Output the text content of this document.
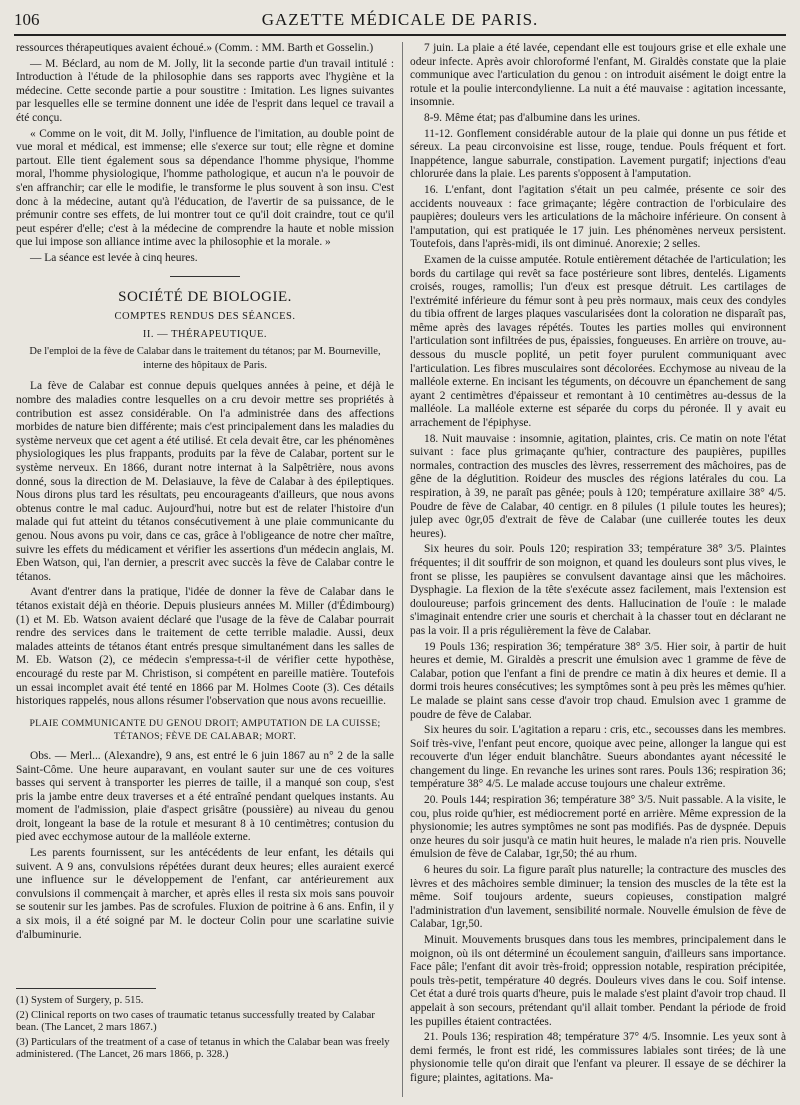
106	GAZETTE MÉDICALE DE PARIS.

ressources thérapeutiques avaient échoué.» (Comm. : MM. Barth et Gosselin.)

— M. Béclard, au nom de M. Jolly, lit la seconde partie d'un travail intitulé : Introduction à l'étude de la philosophie dans ses rapports avec l'hygiène et la médecine. Cette seconde partie a pour soustitre : Imitation. Les lignes suivantes par lesquelles elle se termine donnent une idée de l'esprit dans lequel ce travail a été conçu.

« Comme on le voit, dit M. Jolly, l'influence de l'imitation, au double point de vue moral et médical, est immense; elle s'exerce sur tout; elle règne et domine partout. Elle tient également sous sa dépendance l'homme physique, l'homme moral, l'homme physiologique, l'homme pathologique, et aucun n'a le pouvoir de s'en affranchir; car elle le modifie, le transforme le plus souvent à son insu. C'est donc à la médecine, autant qu'à l'éducation, de l'avertir de sa puissance, de le prémunir contre ses effets, de lui montrer tout ce qu'il doit craindre, tout ce qu'il peut espérer d'elle; c'est à la médecine de comprendre la haute et noble mission que lui impose son alliance intime avec la philosophie et la morale. »

— La séance est levée à cinq heures.

SOCIÉTÉ DE BIOLOGIE.
COMPTES RENDUS DES SÉANCES.
II. — THÉRAPEUTIQUE.
De l'emploi de la fève de Calabar dans le traitement du tétanos; par M. Bourneville, interne des hôpitaux de Paris.

La fève de Calabar est connue depuis quelques années à peine, et déjà le nombre des maladies contre lesquelles on a cru devoir mettre ses propriétés à contribution est assez considérable. On l'a administrée dans des affections morbides de nature bien différente; mais c'est principalement dans les maladies du système nerveux que cet agent a été utilisé. Et cela devait être, car les phénomènes physiologiques les plus frappants, produits par la fève de Calabar, portent sur le système nerveux. En 1866, durant notre internat à la Salpêtrière, nous avons donné, sous la direction de M. Delasiauve, la fève de Calabar à des épileptiques. Nous dirons plus tard les résultats, peu encourageants d'ailleurs, que nous avons obtenus contre le mal caduc. Aujourd'hui, notre but est de relater l'histoire d'un malade qui fut atteint du tétanos consécutivement à une plaie communicante du genou. Nous avons pu voir, dans ce cas, grâce à l'obligeance de notre cher maître, suivre les effets du médicament et vérifier les assertions d'un médecin anglais, M. Eben Watson, qui, l'an dernier, a prescrit avec succès la fève de Calabar contre le tétanos.

Avant d'entrer dans la pratique, l'idée de donner la fève de Calabar dans le tétanos existait déjà en théorie. Depuis plusieurs années M. Miller (d'Édimbourg) (1) et M. Eb. Watson avaient déclaré que l'usage de la fève de Calabar pourrait rendre des services dans le traitement de cette terrible maladie. Aussi, deux malades atteints de tétanos étant entrés presque simultanément dans les salles de M. Eb. Watson (2), ce médecin s'empressa-t-il de vérifier cette hypothèse, encouragé du reste par M. Christison, si compétent en pareille matière. Toutefois un essai incomplet avait été tenté en 1866 par M. Holmes Coote (3). Ces détails historiques rappelés, nous allons résumer l'observation que nous avons recueillie.

PLAIE COMMUNICANTE DU GENOU DROIT; AMPUTATION DE LA CUISSE; TÉTANOS; FÈVE DE CALABAR; MORT.

Obs. — Merl... (Alexandre), 9 ans, est entré le 6 juin 1867 au n° 2 de la salle Saint-Côme. Une heure auparavant, en voulant sauter sur une de ces voitures basses qui servent à transporter les pierres de taille, il a manqué son coup, s'est pris la jambe entre deux traverses et a été entraîné pendant quelques instants. Au moment de l'admission, plaie d'aspect grisâtre (poussière) au niveau du genou droit, longeant la base de la rotule et mesurant 8 à 10 centimètres; contusion du pied avec ecchymose autour de la malléole externe.

Les parents fournissent, sur les antécédents de leur enfant, les détails qui suivent. A 9 ans, convulsions répétées durant deux heures; elles auraient exercé une influence sur le développement de l'enfant, car antérieurement aux convulsions il commençait à marcher, et après elles il resta six mois sans pouvoir se soutenir sur les jambes. Pas de scrofules. Fluxion de poitrine à 6 ans. Enfin, il y a six mois, il a été soigné par M. le docteur Colin pour une scarlatine suivie d'albuminurie.

(1) System of Surgery, p. 515.

(2) Clinical reports on two cases of traumatic tetanus successfully treated by Calabar bean. (The Lancet, 2 mars 1867.)

(3) Particulars of the treatment of a case of tetanus in which the Calabar bean was freely administered. (The Lancet, 26 mars 1866, p. 328.)

7 juin. La plaie a été lavée, cependant elle est toujours grise et elle exhale une odeur infecte. Après avoir chloroformé l'enfant, M. Giraldès constate que la plaie communique avec l'articulation du genou : on introduit aisément le doigt entre la rotule et la poulie intercondylienne. La nuit a été mauvaise : agitation incessante, insomnie.

8-9. Même état; pas d'albumine dans les urines.

11-12. Gonflement considérable autour de la plaie qui donne un pus fétide et séreux. La peau circonvoisine est lisse, rouge, tendue. Pouls fréquent et fort. Inappétence, langue saburrale, constipation. Lavement purgatif; injections d'eau chlorurée dans la plaie. Les parents s'opposent à l'amputation.

16. L'enfant, dont l'agitation s'était un peu calmée, présente ce soir des accidents nouveaux : face grimaçante; légère contraction de l'orbiculaire des paupières; douleurs vers les articulations de la mâchoire inférieure. On consent à l'amputation, qui est pratiquée le 17 juin. Les phénomènes nerveux persistent. Toutefois, dans l'après-midi, ils ont diminué. Anorexie; 2 selles.

Examen de la cuisse amputée. Rotule entièrement détachée de l'articulation; les bords du cartilage qui revêt sa face postérieure sont libres, dentelés. Ligaments croisés, rouges, ramollis; l'un d'eux est presque détruit. Les cartilages de l'extrémité inférieure du fémur sont à peu près normaux, mais ceux des condyles du tibia offrent de larges plaques vascularisées dont la coloration ne disparaît pas, même après des lavages répétés. Toutes les parties molles qui environnent l'articulation sont infiltrées de pus, épaissies, fongueuses. En arrière on trouve, au-dessous du muscle poplité, un petit foyer purulent communiquant avec l'articulation. Les fibres musculaires sont décolorées. Ecchymose au niveau de la malléole externe. En incisant les téguments, on découvre un épanchement de sang ayant 2 centimètres d'épaisseur et remontant à 10 centimètres au-dessus de la malléole. La malléole externe est séparée du corps du péronée. Il y avait eu arrachement de l'épiphyse.

18. Nuit mauvaise : insomnie, agitation, plaintes, cris. Ce matin on note l'état suivant : face plus grimaçante qu'hier, contracture des paupières, pupilles normales, contraction des muscles des lèvres, resserrement des mâchoires, pas de gêne de la déglutition. Roideur des muscles des régions latérales du cou. La respiration, à 39, ne paraît pas gênée; pouls à 120; température axillaire 38° 4/5. Poudre de fève de Calabar, 40 centigr. en 8 pilules (1 pilule toutes les heures); julep avec 0gr,05 d'extrait de fève de Calabar (une cuillerée toutes les deux heures).

Six heures du soir. Pouls 120; respiration 33; température 38° 3/5. Plaintes fréquentes; il dit souffrir de son moignon, et quand les douleurs sont plus vives, le front se plisse, les paupières se convulsent davantage ainsi que les mâchoires. Dysphagie. La flexion de la tête s'exécute assez facilement, mais l'extension est douloureuse; parfois grincement des dents. Hallucination de l'ouïe : le malade s'imaginait entendre crier une souris et cherchait à la chasser tout en déclarant ne pas la voir. Il a pris régulièrement la fève de Calabar.

19 Pouls 136; respiration 36; température 38° 3/5. Hier soir, à partir de huit heures et demie, M. Giraldès a prescrit une émulsion avec 1 gramme de fève de Calabar, potion que l'enfant a fini de prendre ce matin à dix heures et demie. Il a dormi trois heures consécutives; les symptômes sont à peu près les mêmes qu'hier. Le malade se plaint sans cesse d'avoir trop chaud. Emulsion avec 1 gramme de poudre de fève de Calabar.

Six heures du soir. L'agitation a reparu : cris, etc., secousses dans les membres. Soif très-vive, l'enfant peut encore, quoique avec peine, allonger la langue qui est recouverte d'un léger enduit blanchâtre. Sueurs abondantes ayant nécessité le changement du linge. En revanche les urines sont rares. Pouls 136; respiration 36; température 38° 4/5. Le malade accuse toujours une chaleur extrême.

20. Pouls 144; respiration 36; température 38° 3/5. Nuit passable. A la visite, le cou, plus roide qu'hier, est médiocrement porté en arrière. Même expression de la physionomie; les autres symptômes ne sont pas modifiés. Pas de dyspnée. Depuis onze heures du soir jusqu'à ce matin huit heures, le malade n'a rien pris. Nouvelle émulsion de fève de Calabar, 1gr,50; thé au rhum.

6 heures du soir. La figure paraît plus naturelle; la contracture des muscles des lèvres et des mâchoires semble diminuer; la tension des muscles de la tête est la même. Soif toujours ardente, sueurs copieuses, constipation malgré l'administration d'un lavement, sensibilité normale. Nouvelle émulsion de fève de Calabar, 1gr,50.

Minuit. Mouvements brusques dans tous les membres, principalement dans le moignon, où ils ont déterminé un écoulement sanguin, d'ailleurs sans importance. Face pâle; l'enfant dit avoir très-froid; oppression notable, respiration précipitée, pouls très-petit, température 40 degrés. Douleurs vives dans le cou. Soif intense. Cet état a duré trois quarts d'heure, puis le malade s'est plaint d'avoir trop chaud. Il appelait à son secours, prétendant qu'il allait tomber. Pendant la période de froid les pupilles étaient contractées.

21. Pouls 136; respiration 48; température 37° 4/5. Insomnie. Les yeux sont à demi fermés, le front est ridé, les commissures labiales sont tirées; de là une physionomie telle qu'on dirait que l'enfant va pleurer. Il essaye de se déchirer la figure; plaintes, agitations. Ma-
